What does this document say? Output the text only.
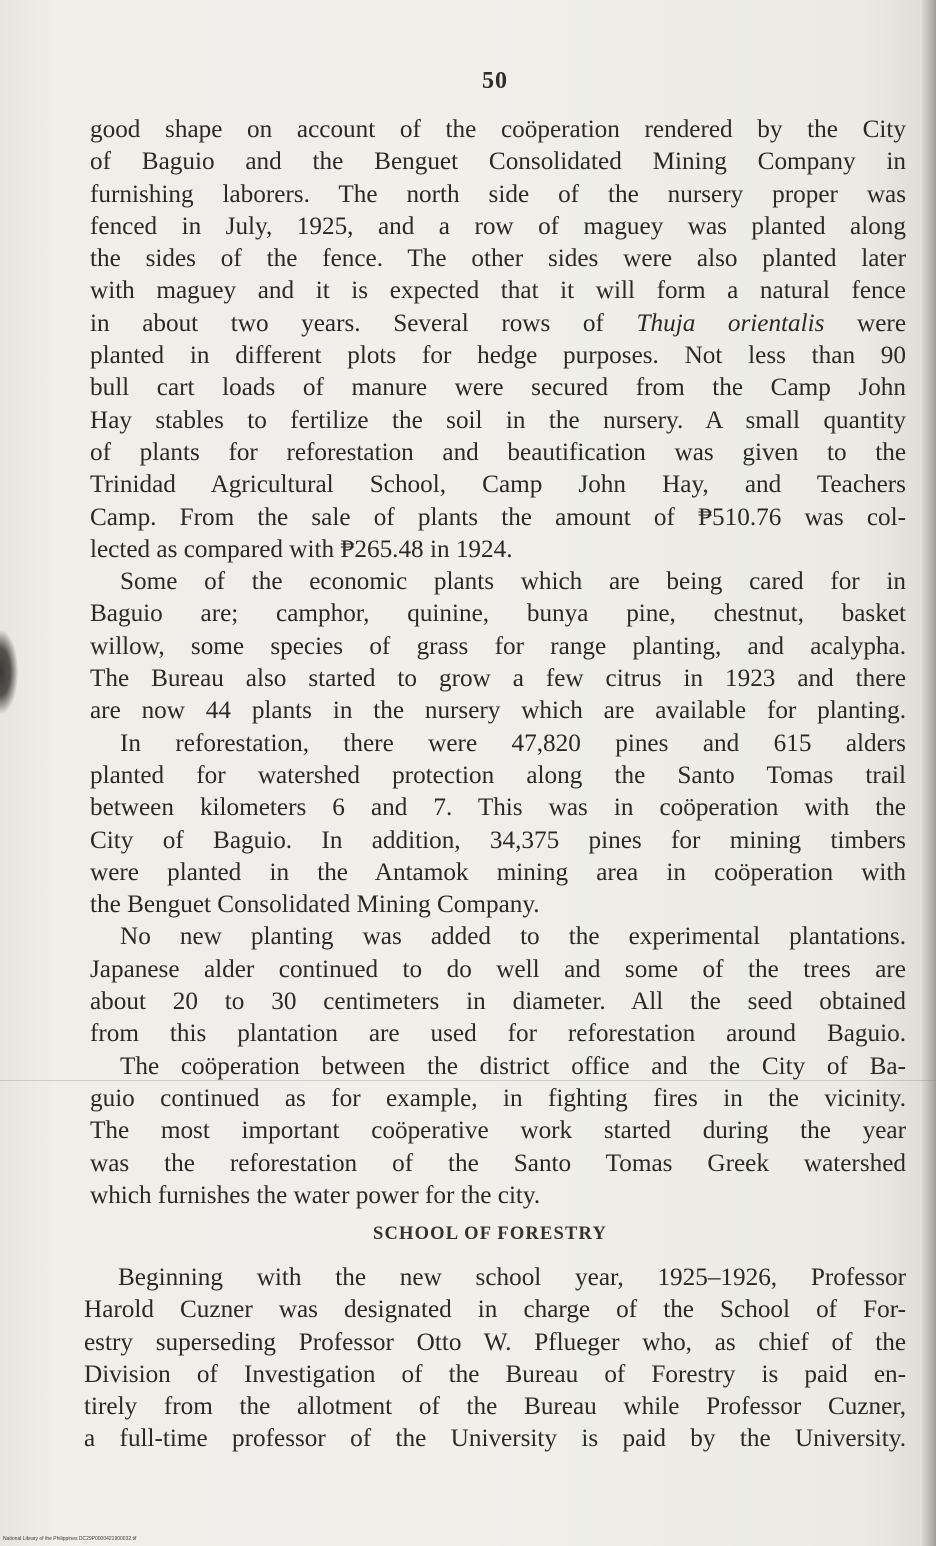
50
good shape on account of the coöperation rendered by the City
of Baguio and the Benguet Consolidated Mining Company in
furnishing laborers. The north side of the nursery proper was
fenced in July, 1925, and a row of maguey was planted along
the sides of the fence. The other sides were also planted later
with maguey and it is expected that it will form a natural fence
in about two years. Several rows of Thuja orientalis were
planted in different plots for hedge purposes. Not less than 90
bull cart loads of manure were secured from the Camp John
Hay stables to fertilize the soil in the nursery. A small quantity
of plants for reforestation and beautification was given to the
Trinidad Agricultural School, Camp John Hay, and Teachers
Camp. From the sale of plants the amount of ₱510.76 was col-
lected as compared with ₱265.48 in 1924.
Some of the economic plants which are being cared for in
Baguio are; camphor, quinine, bunya pine, chestnut, basket
willow, some species of grass for range planting, and acalypha.
The Bureau also started to grow a few citrus in 1923 and there
are now 44 plants in the nursery which are available for planting.
In reforestation, there were 47,820 pines and 615 alders
planted for watershed protection along the Santo Tomas trail
between kilometers 6 and 7. This was in coöperation with the
City of Baguio. In addition, 34,375 pines for mining timbers
were planted in the Antamok mining area in coöperation with
the Benguet Consolidated Mining Company.
No new planting was added to the experimental plantations.
Japanese alder continued to do well and some of the trees are
about 20 to 30 centimeters in diameter. All the seed obtained
from this plantation are used for reforestation around Baguio.
The coöperation between the district office and the City of Ba-
guio continued as for example, in fighting fires in the vicinity.
The most important coöperative work started during the year
was the reforestation of the Santo Tomas Greek watershed
which furnishes the water power for the city.
SCHOOL OF FORESTRY
Beginning with the new school year, 1925–1926, Professor
Harold Cuzner was designated in charge of the School of For-
estry superseding Professor Otto W. Pflueger who, as chief of the
Division of Investigation of the Bureau of Forestry is paid en-
tirely from the allotment of the Bureau while Professor Cuzner,
a full-time professor of the University is paid by the University.
National Library of the Philippines DC29P0000421900032.tif
